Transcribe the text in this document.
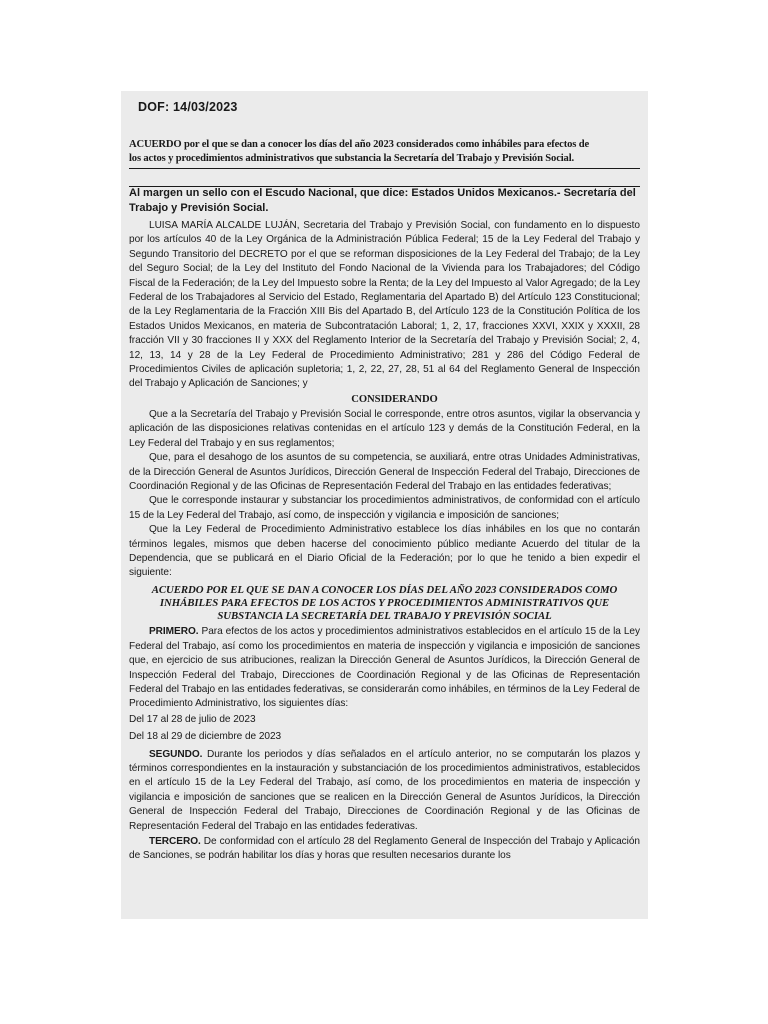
DOF: 14/03/2023
ACUERDO por el que se dan a conocer los días del año 2023 considerados como inhábiles para efectos de
los actos y procedimientos administrativos que substancia la Secretaría del Trabajo y Previsión Social.
Al margen un sello con el Escudo Nacional, que dice: Estados Unidos Mexicanos.- Secretaría del Trabajo y Previsión Social.

LUISA MARÍA ALCALDE LUJÁN, Secretaria del Trabajo y Previsión Social, con fundamento en lo dispuesto por los artículos 40 de la Ley Orgánica de la Administración Pública Federal; 15 de la Ley Federal del Trabajo y Segundo Transitorio del DECRETO por el que se reforman disposiciones de la Ley Federal del Trabajo; de la Ley del Seguro Social; de la Ley del Instituto del Fondo Nacional de la Vivienda para los Trabajadores; del Código Fiscal de la Federación; de la Ley del Impuesto sobre la Renta; de la Ley del Impuesto al Valor Agregado; de la Ley Federal de los Trabajadores al Servicio del Estado, Reglamentaria del Apartado B) del Artículo 123 Constitucional; de la Ley Reglamentaria de la Fracción XIII Bis del Apartado B, del Artículo 123 de la Constitución Política de los Estados Unidos Mexicanos, en materia de Subcontratación Laboral; 1, 2, 17, fracciones XXVI, XXIX y XXXII, 28 fracción VII y 30 fracciones II y XXX del Reglamento Interior de la Secretaría del Trabajo y Previsión Social; 2, 4, 12, 13, 14 y 28 de la Ley Federal de Procedimiento Administrativo; 281 y 286 del Código Federal de Procedimientos Civiles de aplicación supletoria; 1, 2, 22, 27, 28, 51 al 64 del Reglamento General de Inspección del Trabajo y Aplicación de Sanciones; y

CONSIDERANDO

Que a la Secretaría del Trabajo y Previsión Social le corresponde, entre otros asuntos, vigilar la observancia y aplicación de las disposiciones relativas contenidas en el artículo 123 y demás de la Constitución Federal, en la Ley Federal del Trabajo y en sus reglamentos;

Que, para el desahogo de los asuntos de su competencia, se auxiliará, entre otras Unidades Administrativas, de la Dirección General de Asuntos Jurídicos, Dirección General de Inspección Federal del Trabajo, Direcciones de Coordinación Regional y de las Oficinas de Representación Federal del Trabajo en las entidades federativas;

Que le corresponde instaurar y substanciar los procedimientos administrativos, de conformidad con el artículo 15 de la Ley Federal del Trabajo, así como, de inspección y vigilancia e imposición de sanciones;

Que la Ley Federal de Procedimiento Administrativo establece los días inhábiles en los que no contarán términos legales, mismos que deben hacerse del conocimiento público mediante Acuerdo del titular de la Dependencia, que se publicará en el Diario Oficial de la Federación; por lo que he tenido a bien expedir el siguiente:

ACUERDO POR EL QUE SE DAN A CONOCER LOS DÍAS DEL AÑO 2023 CONSIDERADOS COMO
INHÁBILES PARA EFECTOS DE LOS ACTOS Y PROCEDIMIENTOS ADMINISTRATIVOS QUE
SUBSTANCIA LA SECRETARÍA DEL TRABAJO Y PREVISIÓN SOCIAL

PRIMERO. Para efectos de los actos y procedimientos administrativos establecidos en el artículo 15 de la Ley Federal del Trabajo, así como los procedimientos en materia de inspección y vigilancia e imposición de sanciones que, en ejercicio de sus atribuciones, realizan la Dirección General de Asuntos Jurídicos, la Dirección General de Inspección Federal del Trabajo, Direcciones de Coordinación Regional y de las Oficinas de Representación Federal del Trabajo en las entidades federativas, se considerarán como inhábiles, en términos de la Ley Federal de Procedimiento Administrativo, los siguientes días:

Del 17 al 28 de julio de 2023

Del 18 al 29 de diciembre de 2023

SEGUNDO. Durante los periodos y días señalados en el artículo anterior, no se computarán los plazos y términos correspondientes en la instauración y substanciación de los procedimientos administrativos, establecidos en el artículo 15 de la Ley Federal del Trabajo, así como, de los procedimientos en materia de inspección y vigilancia e imposición de sanciones que se realicen en la Dirección General de Asuntos Jurídicos, la Dirección General de Inspección Federal del Trabajo, Direcciones de Coordinación Regional y de las Oficinas de Representación Federal del Trabajo en las entidades federativas.

TERCERO. De conformidad con el artículo 28 del Reglamento General de Inspección del Trabajo y Aplicación de Sanciones, se podrán habilitar los días y horas que resulten necesarios durante los
